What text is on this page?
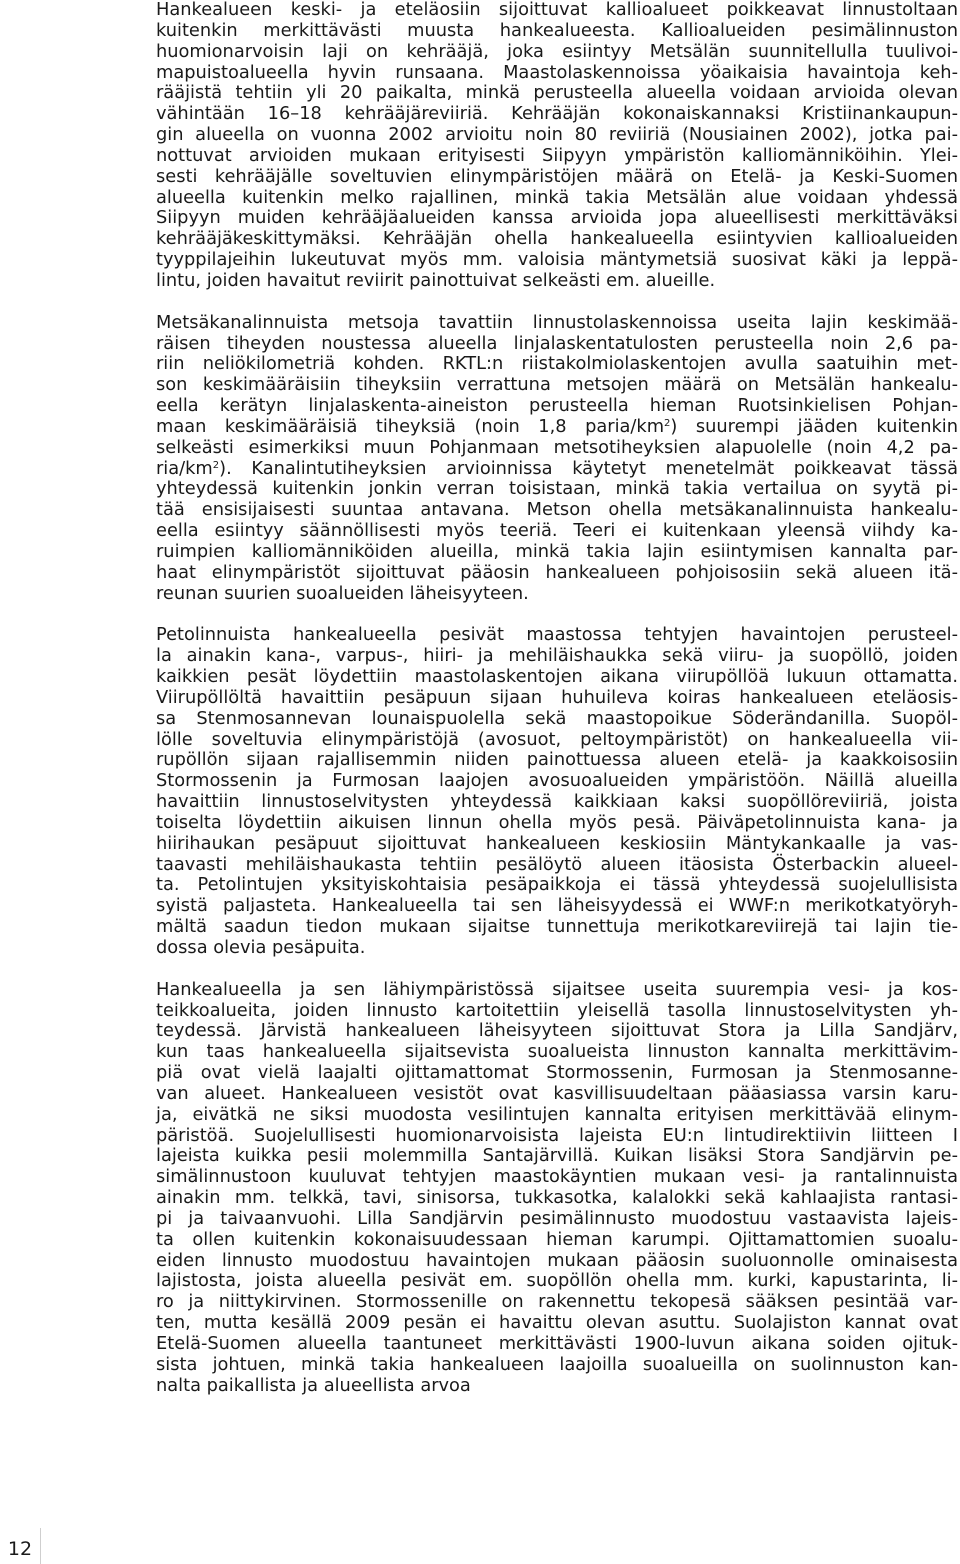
Hankealueen keski- ja eteläosiin sijoittuvat kallioalueet poikkeavat linnustoltaan
kuitenkin merkittävästi muusta hankealueesta. Kallioalueiden pesimälinnuston
huomionarvoisin laji on kehrääjä, joka esiintyy Metsälän suunnitellulla tuulivoi-
mapuistoalueella hyvin runsaana. Maastolaskennoissa yöaikaisia havaintoja keh-
rääjistä tehtiin yli 20 paikalta, minkä perusteella alueella voidaan arvioida olevan
vähintään 16–18 kehrääjäreviiriä. Kehrääjän kokonaiskannaksi Kristiinankaupun-
gin alueella on vuonna 2002 arvioitu noin 80 reviiriä (Nousiainen 2002), jotka pai-
nottuvat arvioiden mukaan erityisesti Siipyyn ympäristön kalliomänniköihin. Ylei-
sesti kehrääjälle soveltuvien elinympäristöjen määrä on Etelä- ja Keski-Suomen
alueella kuitenkin melko rajallinen, minkä takia Metsälän alue voidaan yhdessä
Siipyyn muiden kehrääjäalueiden kanssa arvioida jopa alueellisesti merkittäväksi
kehrääjäkeskittymäksi. Kehrääjän ohella hankealueella esiintyvien kallioalueiden
tyyppilajeihin lukeutuvat myös mm. valoisia mäntymetsiä suosivat käki ja leppä-
lintu, joiden havaitut reviirit painottuivat selkeästi em. alueille.
Metsäkanalinnuista metsoja tavattiin linnustolaskennoissa useita lajin keskimää-
räisen tiheyden noustessa alueella linjalaskentatulosten perusteella noin 2,6 pa-
riin neliökilometriä kohden. RKTL:n riistakolmiolaskentojen avulla saatuihin met-
son keskimääräisiin tiheyksiin verrattuna metsojen määrä on Metsälän hankealu-
eella kerätyn linjalaskenta-aineiston perusteella hieman Ruotsinkielisen Pohjan-
maan keskimääräisiä tiheyksiä (noin 1,8 paria/$km^2$) suurempi jääden kuitenkin
selkeästi esimerkiksi muun Pohjanmaan metsotiheyksien alapuolelle (noin 4,2 pa-
ria/$km^2$). Kanalintutiheyksien arvioinnissa käytetyt menetelmät poikkeavat tässä
yhteydessä kuitenkin jonkin verran toisistaan, minkä takia vertailua on syytä pi-
tää ensisijaisesti suuntaa antavana. Metson ohella metsäkanalinnuista hankealu-
eella esiintyy säännöllisesti myös teeriä. Teeri ei kuitenkaan yleensä viihdy ka-
ruimpien kalliomänniköiden alueilla, minkä takia lajin esiintymisen kannalta par-
haat elinympäristöt sijoittuvat pääosin hankealueen pohjoisosiin sekä alueen itä-
reunan suurien suoalueiden läheisyyteen.
Petolinnuista hankealueella pesivät maastossa tehtyjen havaintojen perusteel-
la ainakin kana-, varpus-, hiiri- ja mehiläishaukka sekä viiru- ja suopöllö, joiden
kaikkien pesät löydettiin maastolaskentojen aikana viirupöllöä lukuun ottamatta.
Viirupöllöltä havaittiin pesäpuun sijaan huhuileva koiras hankealueen eteläosis-
sa Stenmosannevan lounaispuolella sekä maastopoikue Söderändanilla. Suopöl-
lölle soveltuvia elinympäristöjä (avosuot, peltoympäristöt) on hankealueella vii-
rupöllön sijaan rajallisemmin niiden painottuessa alueen etelä- ja kaakkoisosiin
Stormossenin ja Furmosan laajojen avosuoalueiden ympäristöön. Näillä alueilla
havaittiin linnustoselvitysten yhteydessä kaikkiaan kaksi suopöllöreviiriä, joista
toiselta löydettiin aikuisen linnun ohella myös pesä. Päiväpetolinnuista kana- ja
hiirihaukan pesäpuut sijoittuvat hankealueen keskiosiin Mäntykankaalle ja vas-
taavasti mehiläishaukasta tehtiin pesälöytö alueen itäosista Österbackin alueel-
ta. Petolintujen yksityiskohtaisia pesäpaikkoja ei tässä yhteydessä suojelullisista
syistä paljasteta. Hankealueella tai sen läheisyydessä ei WWF:n merikotkatyöryh-
mältä saadun tiedon mukaan sijaitse tunnettuja merikotkareviirejä tai lajin tie-
dossa olevia pesäpuita.
Hankealueella ja sen lähiympäristössä sijaitsee useita suurempia vesi- ja kos-
teikkoalueita, joiden linnusto kartoitettiin yleisellä tasolla linnustoselvitysten yh-
teydessä. Järvistä hankealueen läheisyyteen sijoittuvat Stora ja Lilla Sandjärv,
kun taas hankealueella sijaitsevista suoalueista linnuston kannalta merkittävim-
piä ovat vielä laajalti ojittamattomat Stormossenin, Furmosan ja Stenmosanne-
van alueet. Hankealueen vesistöt ovat kasvillisuudeltaan pääasiassa varsin karu-
ja, eivätkä ne siksi muodosta vesilintujen kannalta erityisen merkittävää elinym-
päristöä. Suojelullisesti huomionarvoisista lajeista EU:n lintudirektiivin liitteen I
lajeista kuikka pesii molemmilla Santajärvillä. Kuikan lisäksi Stora Sandjärvin pe-
simälinnustoon kuuluvat tehtyjen maastokäyntien mukaan vesi- ja rantalinnuista
ainakin mm. telkkä, tavi, sinisorsa, tukkasotka, kalalokki sekä kahlaajista rantasi-
pi ja taivaanvuohi. Lilla Sandjärvin pesimälinnusto muodostuu vastaavista lajeis-
ta ollen kuitenkin kokonaisuudessaan hieman karumpi. Ojittamattomien suoalu-
eiden linnusto muodostuu havaintojen mukaan pääosin suoluonnolle ominaisesta
lajistosta, joista alueella pesivät em. suopöllön ohella mm. kurki, kapustarinta, li-
ro ja niittykirvinen. Stormossenille on rakennettu tekopesä sääksen pesintää var-
ten, mutta kesällä 2009 pesän ei havaittu olevan asuttu. Suolajiston kannat ovat
Etelä-Suomen alueella taantuneet merkittävästi 1900-luvun aikana soiden ojituk-
sista johtuen, minkä takia hankealueen laajoilla suoalueilla on suolinnuston kan-
nalta paikallista ja alueellista arvoa
12
